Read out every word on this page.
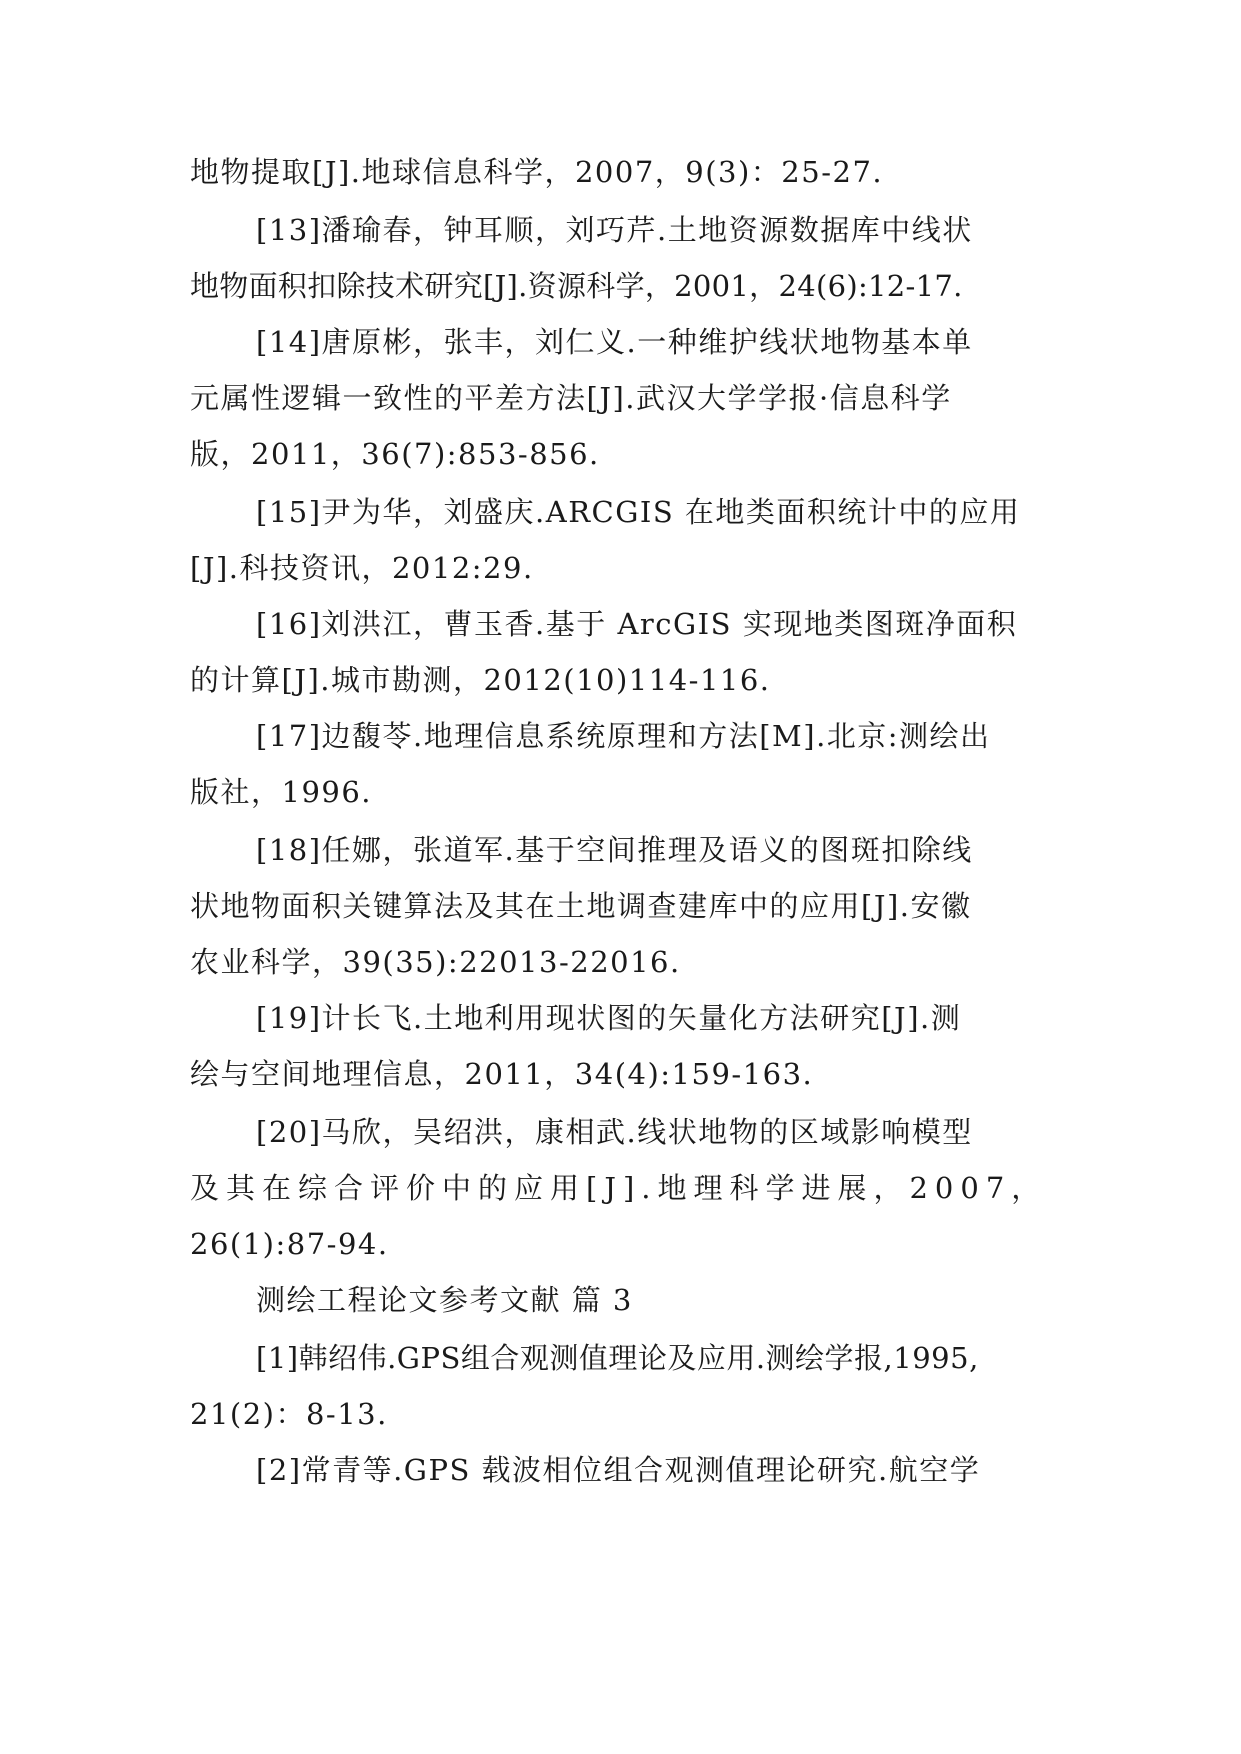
地物提取[J].地球信息科学，2007，9(3)：25-27.
[13]潘瑜春，钟耳顺，刘巧芹.土地资源数据库中线状
地物面积扣除技术研究[J].资源科学，2001，24(6):12-17.
[14]唐原彬，张丰，刘仁义.一种维护线状地物基本单
元属性逻辑一致性的平差方法[J].武汉大学学报·信息科学
版，2011，36(7):853-856.
[15]尹为华，刘盛庆.ARCGIS 在地类面积统计中的应用
[J].科技资讯，2012:29.
[16]刘洪江，曹玉香.基于 ArcGIS 实现地类图斑净面积
的计算[J].城市勘测，2012(10)114-116.
[17]边馥苓.地理信息系统原理和方法[M].北京:测绘出
版社，1996.
[18]任娜，张道军.基于空间推理及语义的图斑扣除线
状地物面积关键算法及其在土地调查建库中的应用[J].安徽
农业科学，39(35):22013-22016.
[19]计长飞.土地利用现状图的矢量化方法研究[J].测
绘与空间地理信息，2011，34(4):159-163.
[20]马欣，吴绍洪，康相武.线状地物的区域影响模型
及其在综合评价中的应用[J].地理科学进展，2007，
26(1):87-94.
测绘工程论文参考文献 篇 3
[1]韩绍伟.GPS组合观测值理论及应用.测绘学报,1995,
21(2)：8-13.
[2]常青等.GPS 载波相位组合观测值理论研究.航空学
